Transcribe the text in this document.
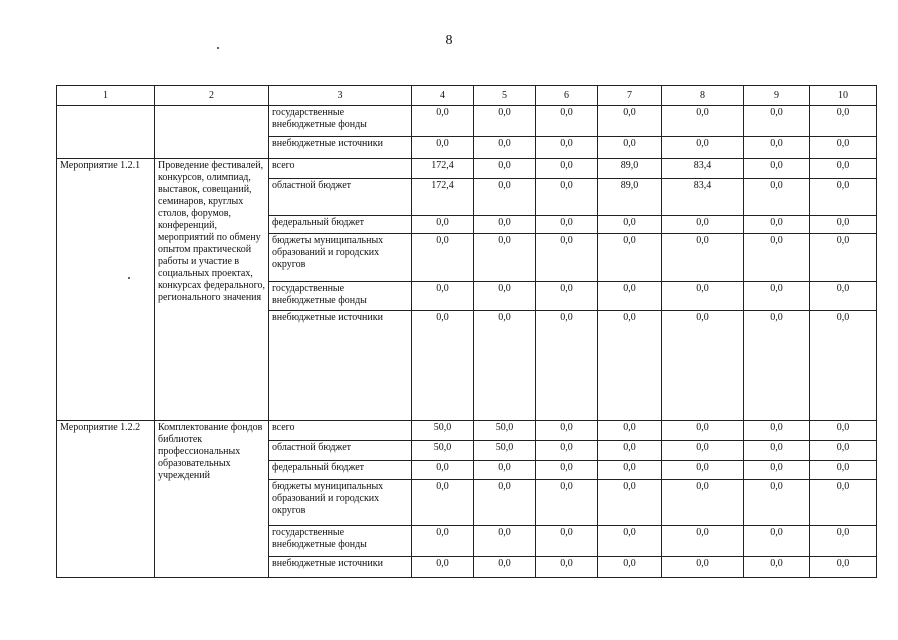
8
1	2	3	4	5	6	7	8	9	10
		государственные внебюджетные фонды	0,0	0,0	0,0	0,0	0,0	0,0	0,0
		внебюджетные источники	0,0	0,0	0,0	0,0	0,0	0,0	0,0
Мероприятие 1.2.1	Проведение фестивалей, конкурсов, олимпиад, выставок, совещаний, семинаров, круглых столов, форумов, конференций, мероприятий по обмену опытом практической работы и участие в социальных проектах, конкурсах федерального, регионального значения	всего	172,4	0,0	0,0	89,0	83,4	0,0	0,0
		областной бюджет	172,4	0,0	0,0	89,0	83,4	0,0	0,0
		федеральный бюджет	0,0	0,0	0,0	0,0	0,0	0,0	0,0
		бюджеты муниципальных образований и городских округов	0,0	0,0	0,0	0,0	0,0	0,0	0,0
		государственные внебюджетные фонды	0,0	0,0	0,0	0,0	0,0	0,0	0,0
		внебюджетные источники	0,0	0,0	0,0	0,0	0,0	0,0	0,0
Мероприятие 1.2.2	Комплектование фондов библиотек профессиональных образовательных учреждений	всего	50,0	50,0	0,0	0,0	0,0	0,0	0,0
		областной бюджет	50,0	50,0	0,0	0,0	0,0	0,0	0,0
		федеральный бюджет	0,0	0,0	0,0	0,0	0,0	0,0	0,0
		бюджеты муниципальных образований и городских округов	0,0	0,0	0,0	0,0	0,0	0,0	0,0
		государственные внебюджетные фонды	0,0	0,0	0,0	0,0	0,0	0,0	0,0
		внебюджетные источники	0,0	0,0	0,0	0,0	0,0	0,0	0,0
